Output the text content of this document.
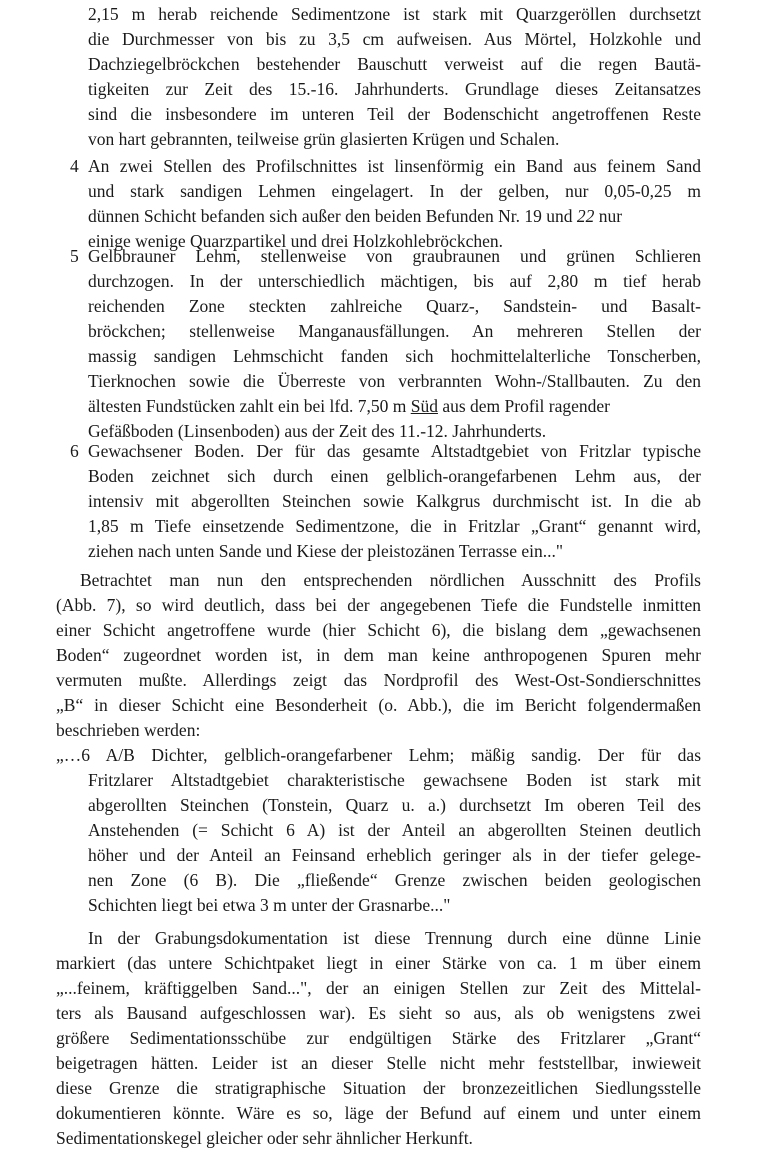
2,15 m herab reichende Sedimentzone ist stark mit Quarzgeröllen durchsetzt
die Durchmesser von bis zu 3,5 cm aufweisen. Aus Mörtel, Holzkohle und
Dachziegelbröckchen bestehender Bauschutt verweist auf die regen Bautä-
tigkeiten zur Zeit des 15.-16. Jahrhunderts. Grundlage dieses Zeitansatzes
sind die insbesondere im unteren Teil der Bodenschicht angetroffenen Reste
von hart gebrannten, teilweise grün glasierten Krügen und Schalen.
4 An zwei Stellen des Profilschnittes ist linsenförmig ein Band aus feinem Sand
und stark sandigen Lehmen eingelagert. In der gelben, nur 0,05-0,25 m
dünnen Schicht befanden sich außer den beiden Befunden Nr. 19 und 22 nur
einige wenige Quarzpartikel und drei Holzkohlebröckchen.
5 Gelbbrauner Lehm, stellenweise von graubraunen und grünen Schlieren
durchzogen. In der unterschiedlich mächtigen, bis auf 2,80 m tief herab
reichenden Zone steckten zahlreiche Quarz-, Sandstein- und Basalt-
bröckchen; stellenweise Manganausfällungen. An mehreren Stellen der
massig sandigen Lehmschicht fanden sich hochmittelalterliche Tonscherben,
Tierknochen sowie die Überreste von verbrannten Wohn-/Stallbauten. Zu den
ältesten Fundstücken zahlt ein bei lfd. 7,50 m Süd aus dem Profil ragender
Gefäßboden (Linsenboden) aus der Zeit des 11.-12. Jahrhunderts.
6 Gewachsener Boden. Der für das gesamte Altstadtgebiet von Fritzlar typische
Boden zeichnet sich durch einen gelblich-orangefarbenen Lehm aus, der
intensiv mit abgerollten Steinchen sowie Kalkgrus durchmischt ist. In die ab
1,85 m Tiefe einsetzende Sedimentzone, die in Fritzlar „Grant“ genannt wird,
ziehen nach unten Sande und Kiese der pleistozänen Terrasse ein..."
Betrachtet man nun den entsprechenden nördlichen Ausschnitt des Profils
(Abb. 7), so wird deutlich, dass bei der angegebenen Tiefe die Fundstelle inmitten
einer Schicht angetroffene wurde (hier Schicht 6), die bislang dem „gewachsenen
Boden“ zugeordnet worden ist, in dem man keine anthropogenen Spuren mehr
vermuten mußte. Allerdings zeigt das Nordprofil des West-Ost-Sondierschnittes
„B“ in dieser Schicht eine Besonderheit (o. Abb.), die im Bericht folgendermaßen
beschrieben werden:
„…6 A/B Dichter, gelblich-orangefarbener Lehm; mäßig sandig. Der für das
Fritzlarer Altstadtgebiet charakteristische gewachsene Boden ist stark mit
abgerollten Steinchen (Tonstein, Quarz u. a.) durchsetzt Im oberen Teil des
Anstehenden (= Schicht 6 A) ist der Anteil an abgerollten Steinen deutlich
höher und der Anteil an Feinsand erheblich geringer als in der tiefer gelege-
nen Zone (6 B). Die „fließende“ Grenze zwischen beiden geologischen
Schichten liegt bei etwa 3 m unter der Grasnarbe..."
In der Grabungsdokumentation ist diese Trennung durch eine dünne Linie
markiert (das untere Schichtpaket liegt in einer Stärke von ca. 1 m über einem
„...feinem, kräftiggelben Sand...", der an einigen Stellen zur Zeit des Mittelal-
ters als Bausand aufgeschlossen war). Es sieht so aus, als ob wenigstens zwei
größere Sedimentationsschübe zur endgültigen Stärke des Fritzlarer „Grant“
beigetragen hätten. Leider ist an dieser Stelle nicht mehr feststellbar, inwieweit
diese Grenze die stratigraphische Situation der bronzezeitlichen Siedlungsstelle
dokumentieren könnte. Wäre es so, läge der Befund auf einem und unter einem
Sedimentationskegel gleicher oder sehr ähnlicher Herkunft.
